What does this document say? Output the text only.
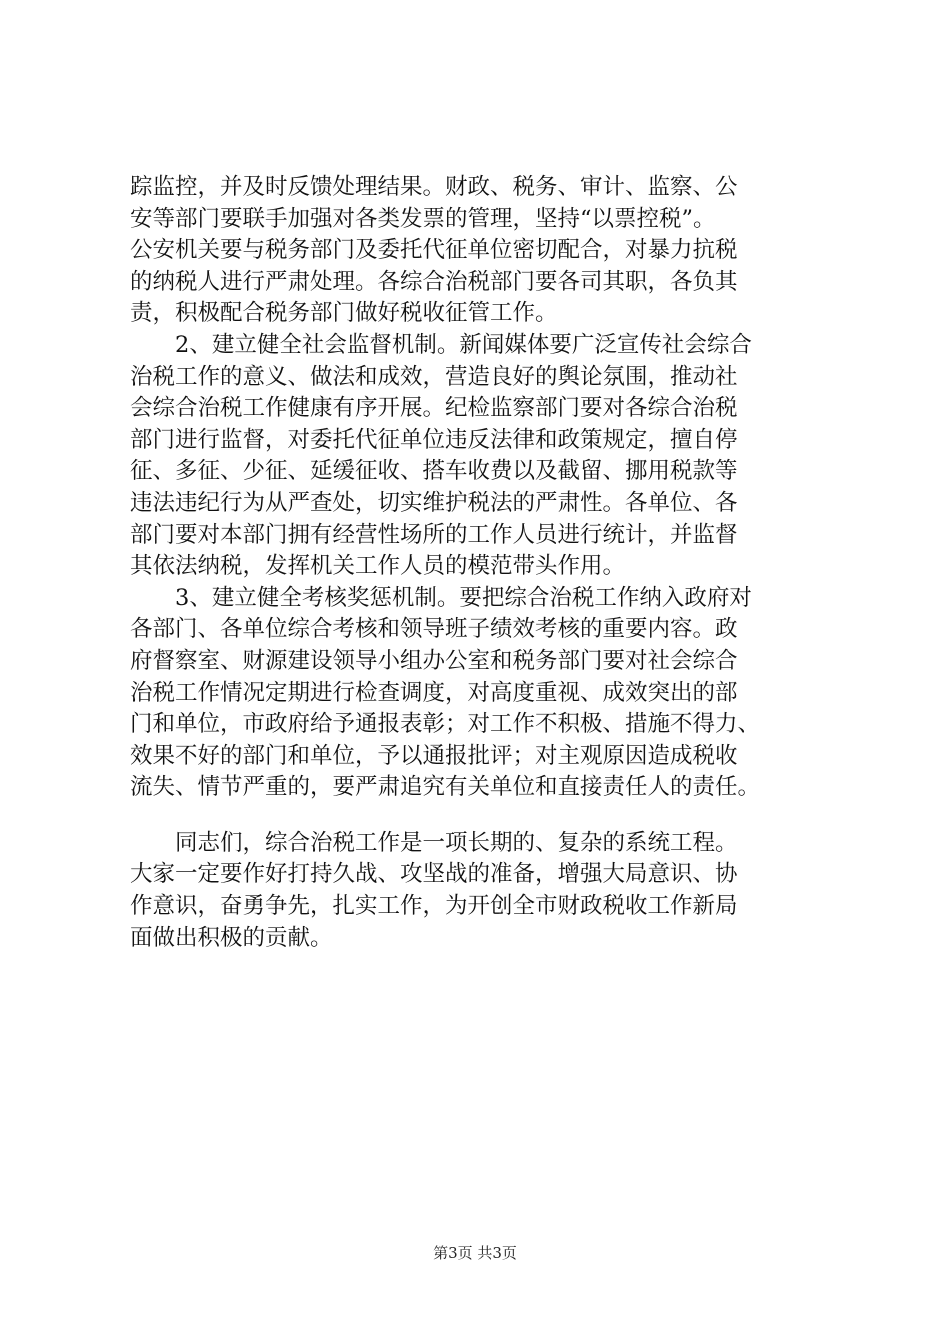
踪监控，并及时反馈处理结果。财政、税务、审计、监察、公
安等部门要联手加强对各类发票的管理，坚持“以票控税”。
公安机关要与税务部门及委托代征单位密切配合，对暴力抗税
的纳税人进行严肃处理。各综合治税部门要各司其职，各负其
责，积极配合税务部门做好税收征管工作。
　　2、建立健全社会监督机制。新闻媒体要广泛宣传社会综合
治税工作的意义、做法和成效，营造良好的舆论氛围，推动社
会综合治税工作健康有序开展。纪检监察部门要对各综合治税
部门进行监督，对委托代征单位违反法律和政策规定，擅自停
征、多征、少征、延缓征收、搭车收费以及截留、挪用税款等
违法违纪行为从严查处，切实维护税法的严肃性。各单位、各
部门要对本部门拥有经营性场所的工作人员进行统计，并监督
其依法纳税，发挥机关工作人员的模范带头作用。
　　3、建立健全考核奖惩机制。要把综合治税工作纳入政府对
各部门、各单位综合考核和领导班子绩效考核的重要内容。政
府督察室、财源建设领导小组办公室和税务部门要对社会综合
治税工作情况定期进行检查调度，对高度重视、成效突出的部
门和单位，市政府给予通报表彰；对工作不积极、措施不得力、
效果不好的部门和单位，予以通报批评；对主观原因造成税收
流失、情节严重的，要严肃追究有关单位和直接责任人的责任。
　　同志们，综合治税工作是一项长期的、复杂的系统工程。
大家一定要作好打持久战、攻坚战的准备，增强大局意识、协
作意识，奋勇争先，扎实工作，为开创全市财政税收工作新局
面做出积极的贡献。
第3页 共3页
